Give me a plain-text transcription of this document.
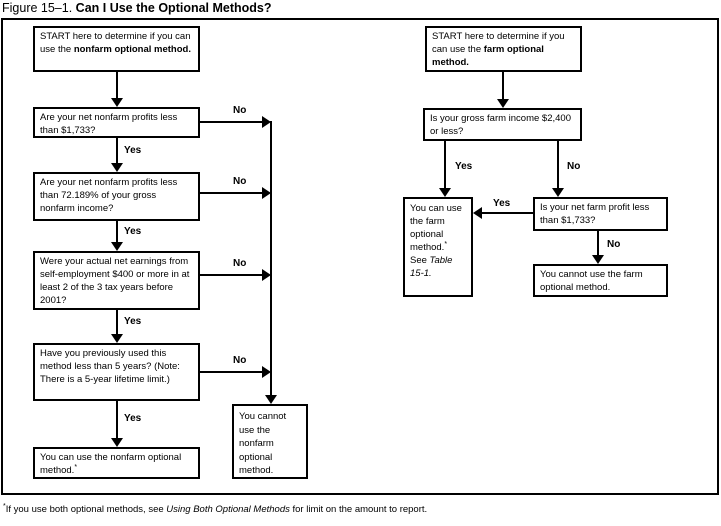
Figure 15–1. Can I Use the Optional Methods?
START here to determine if you can use the nonfarm optional method.
Are your net nonfarm profits less than $1,733?
No
Yes
Are your net nonfarm profits less than 72.189% of your gross nonfarm income?
No
Yes
Were your actual net earnings from self-employment $400 or more in at least 2 of the 3 tax years before 2001?
No
Yes
Have you previously used this method less than 5 years? (Note: There is a 5-year lifetime limit.)
No
Yes
You can use the nonfarm optional method.*
You cannot use the nonfarm optional method.
START here to determine if you can use the farm optional method.
Is your gross farm income $2,400 or less?
Yes	No
You can use the farm optional method.* See Table 15-1.
Is your net farm profit less than $1,733?
Yes
No
You cannot use the farm optional method.
*If you use both optional methods, see Using Both Optional Methods for limit on the amount to report.
